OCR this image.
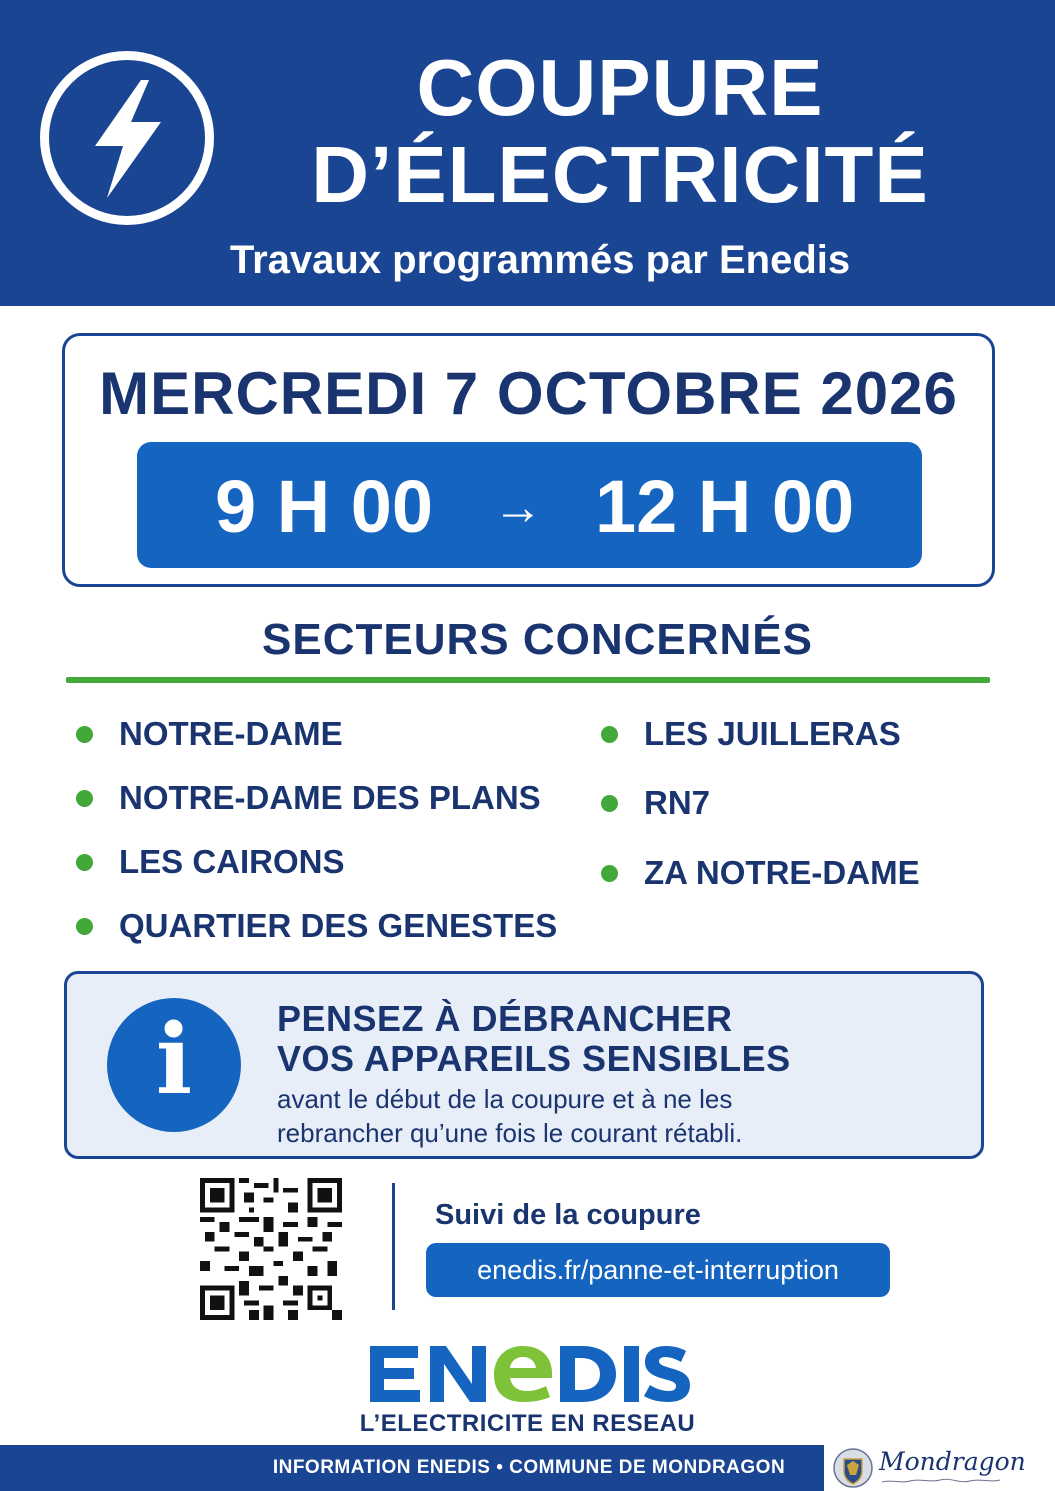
COUPURE
D’ÉLECTRICITÉ
Travaux programmés par Enedis
MERCREDI 7 OCTOBRE 2026
9 H 00 → 12 H 00
SECTEURS CONCERNÉS
NOTRE-DAME
NOTRE-DAME DES PLANS
LES CAIRONS
QUARTIER DES GENESTES
LES JUILLERAS
RN7
ZA NOTRE-DAME
i	PENSEZ À DÉBRANCHER
VOS APPAREILS SENSIBLES
avant le début de la coupure et à ne les
rebrancher qu’une fois le courant rétabli.
Suivi de la coupure
enedis.fr/panne-et-interruption
L’ELECTRICITE EN RESEAU
INFORMATION ENEDIS • COMMUNE DE MONDRAGON	Mondragon
